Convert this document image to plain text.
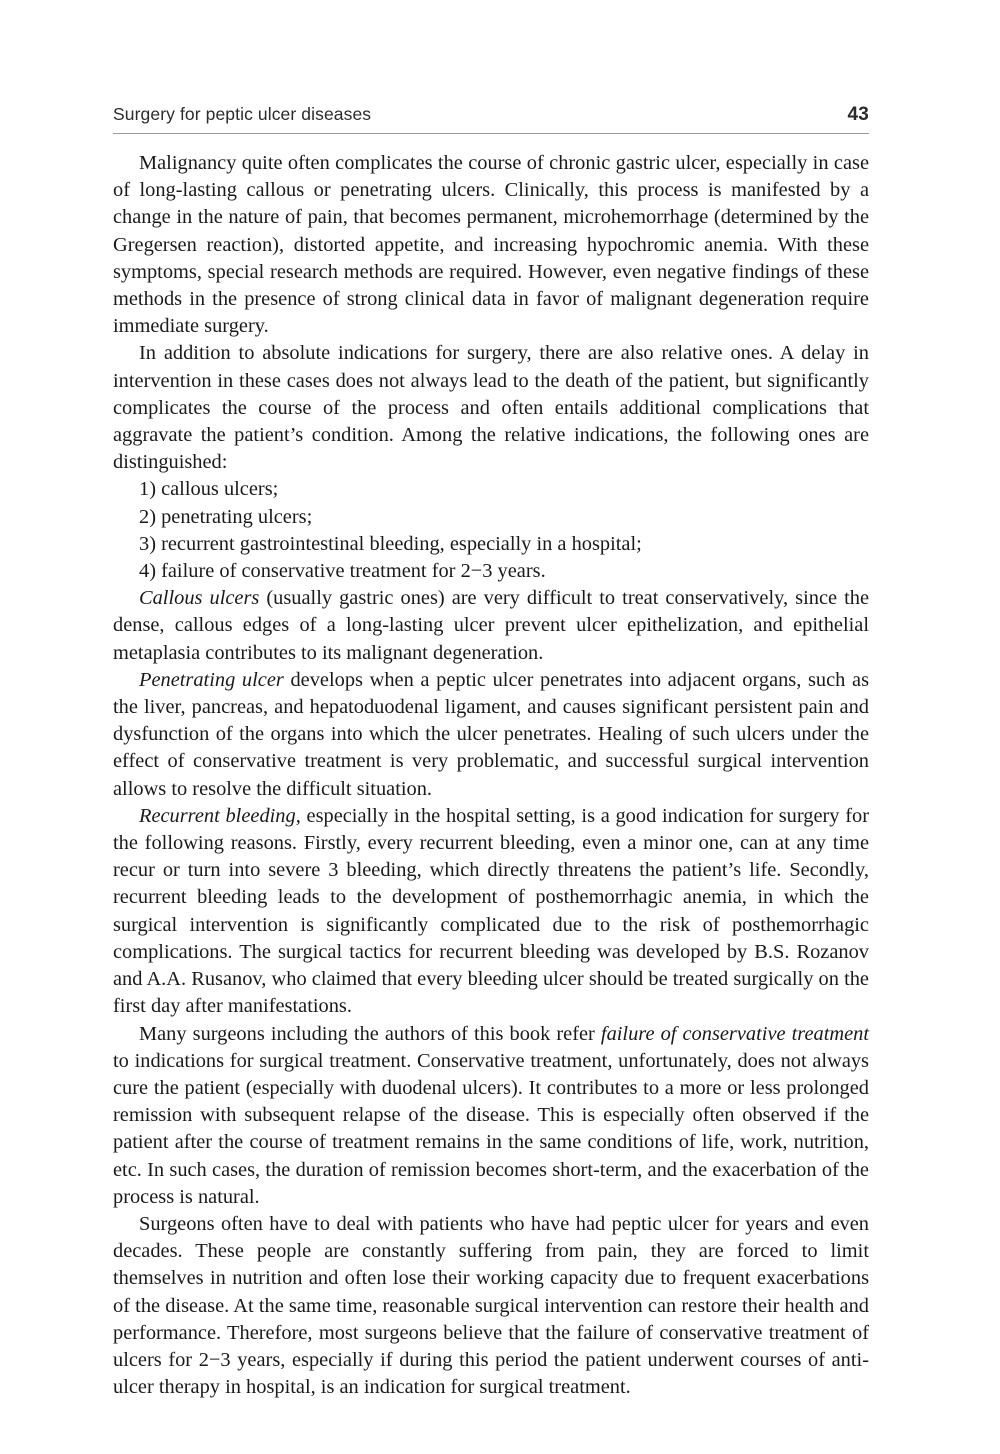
Surgery for peptic ulcer diseases	43

Malignancy quite often complicates the course of chronic gastric ulcer, especially in case of long-lasting callous or penetrating ulcers. Clinically, this process is manifested by a change in the nature of pain, that becomes permanent, microhemorrhage (determined by the Gregersen reaction), distorted appetite, and increasing hypochromic anemia. With these symptoms, special research methods are required. However, even negative findings of these methods in the presence of strong clinical data in favor of malignant degeneration require immediate surgery.

In addition to absolute indications for surgery, there are also relative ones. A delay in intervention in these cases does not always lead to the death of the patient, but significantly complicates the course of the process and often entails additional complications that aggravate the patient’s condition. Among the relative indications, the following ones are distinguished:

1) callous ulcers;
2) penetrating ulcers;
3) recurrent gastrointestinal bleeding, especially in a hospital;
4) failure of conservative treatment for 2−3 years.

Callous ulcers (usually gastric ones) are very difficult to treat conservatively, since the dense, callous edges of a long-lasting ulcer prevent ulcer epithelization, and epithelial metaplasia contributes to its malignant degeneration.

Penetrating ulcer develops when a peptic ulcer penetrates into adjacent organs, such as the liver, pancreas, and hepatoduodenal ligament, and causes significant persistent pain and dysfunction of the organs into which the ulcer penetrates. Healing of such ulcers under the effect of conservative treatment is very problematic, and successful surgical intervention allows to resolve the difficult situation.

Recurrent bleeding, especially in the hospital setting, is a good indication for surgery for the following reasons. Firstly, every recurrent bleeding, even a minor one, can at any time recur or turn into severe 3 bleeding, which directly threatens the patient’s life. Secondly, recurrent bleeding leads to the development of posthemorrhagic anemia, in which the surgical intervention is significantly complicated due to the risk of posthemorrhagic complications. The surgical tactics for recurrent bleeding was developed by B.S. Rozanov and A.A. Rusanov, who claimed that every bleeding ulcer should be treated surgically on the first day after manifestations.

Many surgeons including the authors of this book refer failure of conservative treatment to indications for surgical treatment. Conservative treatment, unfortunately, does not always cure the patient (especially with duodenal ulcers). It contributes to a more or less prolonged remission with subsequent relapse of the disease. This is especially often observed if the patient after the course of treatment remains in the same conditions of life, work, nutrition, etc. In such cases, the duration of remission becomes short-term, and the exacerbation of the process is natural.

Surgeons often have to deal with patients who have had peptic ulcer for years and even decades. These people are constantly suffering from pain, they are forced to limit themselves in nutrition and often lose their working capacity due to frequent exacerbations of the disease. At the same time, reasonable surgical intervention can restore their health and performance. Therefore, most surgeons believe that the failure of conservative treatment of ulcers for 2−3 years, especially if during this period the patient underwent courses of anti-ulcer therapy in hospital, is an indication for surgical treatment.
